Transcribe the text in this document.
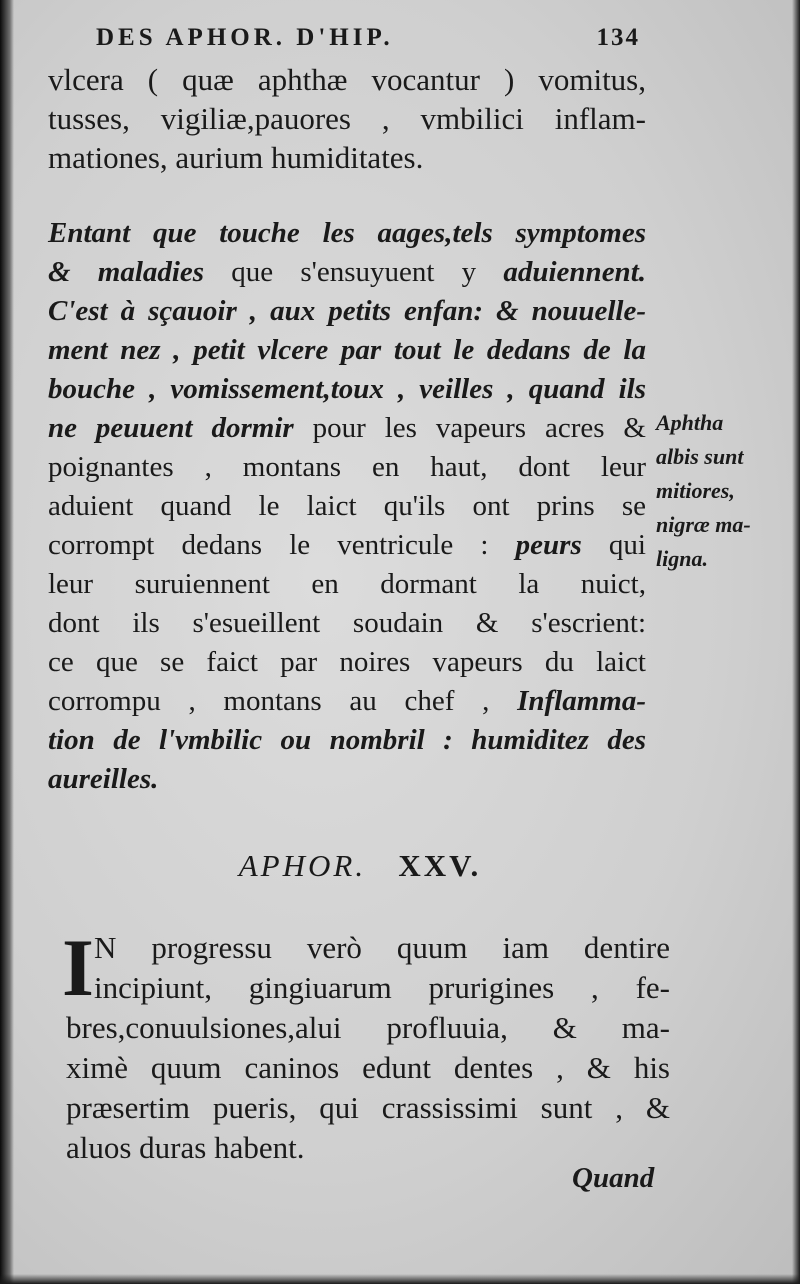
DES APHOR. D'HIP.	134
vlcera ( quæ aphthæ vocantur ) vomitus,
tusses, vigiliæ,pauores , vmbilici inflam-
mationes, aurium humiditates.
Entant que touche les aages,tels symptomes
& maladies que s'ensuyuent y aduiennent.
C'est à sçauoir , aux petits enfan: & nouuelle-
ment nez , petit vlcere par tout le dedans de la
bouche , vomissement,toux , veilles , quand ils
ne peuuent dormir pour les vapeurs acres &
poignantes , montans en haut, dont leur
aduient quand le laict qu'ils ont prins se
corrompt dedans le ventricule : peurs qui
leur suruiennent en dormant la nuict,
dont ils s'esueillent soudain & s'escrient:
ce que se faict par noires vapeurs du laict
corrompu , montans au chef , Inflamma-
tion de l'vmbilic ou nombril : humiditez des
aureilles.
Aphtha
albis sunt
mitiores,
nigræ ma-
ligna.
APHOR. XXV.
I N progressu verò quum iam dentire
incipiunt, gingiuarum prurigines , fe-
bres,conuulsiones,alui profluuia, & ma-
ximè quum caninos edunt dentes , & his
præsertim pueris, qui crassissimi sunt , &
aluos duras habent.
Quand
